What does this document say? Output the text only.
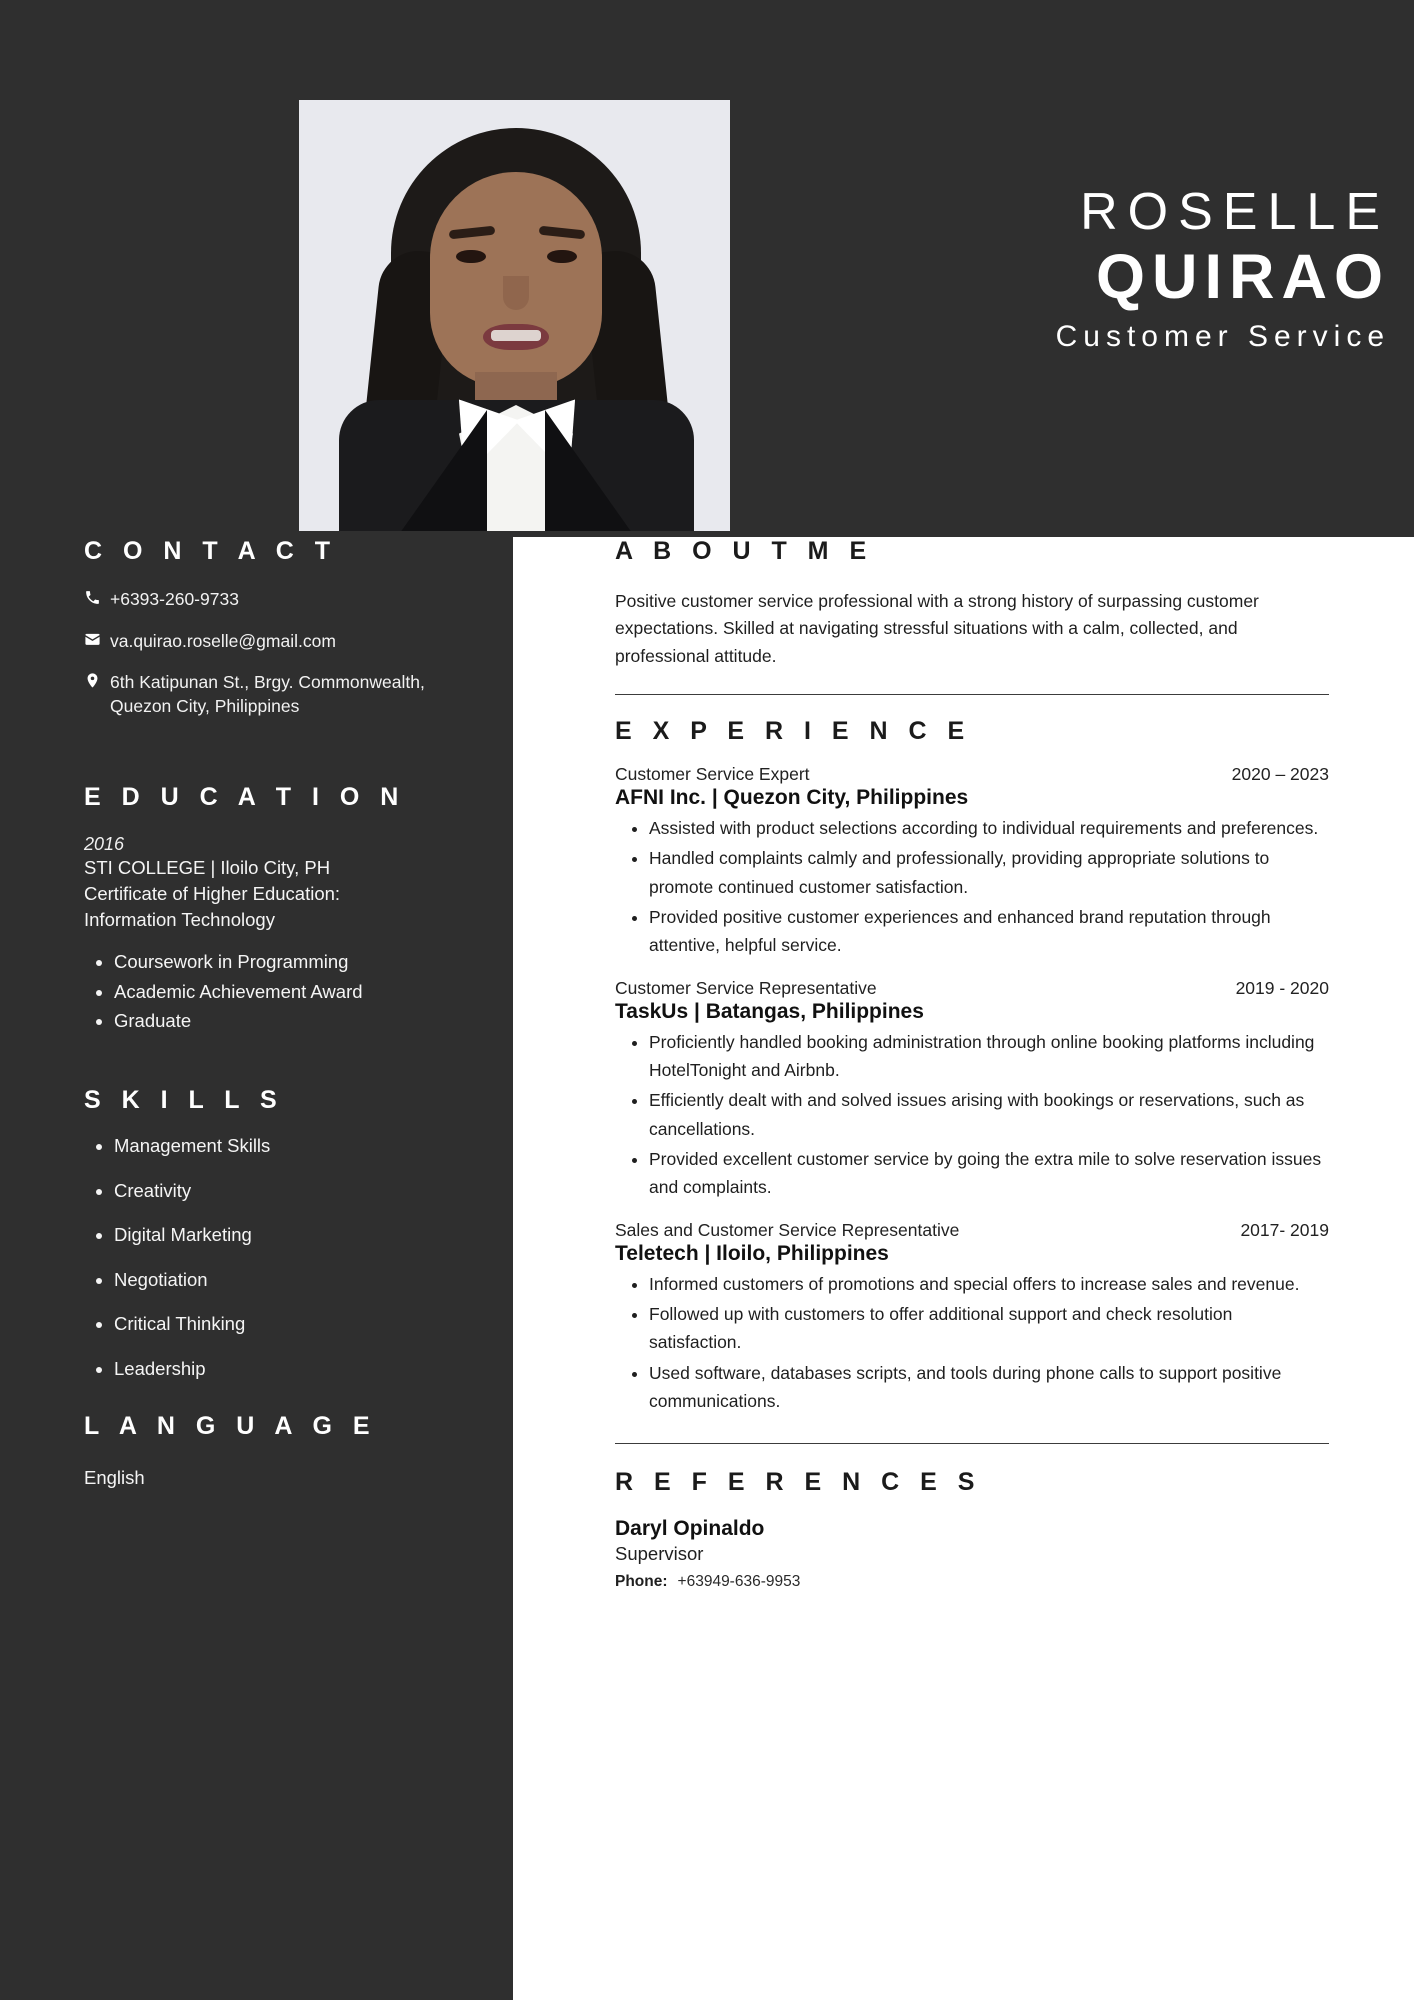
ROSELLE
QUIRAO
Customer Service
C O N T A C T
+6393-260-9733
va.quirao.roselle@gmail.com
6th Katipunan St., Brgy. Commonwealth, Quezon City, Philippines
E D U C A T I O N
2016
STI COLLEGE | Iloilo City, PH
Certificate of Higher Education:
Information Technology
• Coursework in Programming
• Academic Achievement Award
• Graduate
S K I L L S
• Management Skills
• Creativity
• Digital Marketing
• Negotiation
• Critical Thinking
• Leadership
L A N G U A G E
English
A B O U T M E

Positive customer service professional with a strong history of surpassing customer expectations. Skilled at navigating stressful situations with a calm, collected, and professional attitude.

E X P E R I E N C E
Customer Service Expert	2020 – 2023
AFNI Inc. | Quezon City, Philippines
• Assisted with product selections according to individual requirements and preferences.
• Handled complaints calmly and professionally, providing appropriate solutions to promote continued customer satisfaction.
• Provided positive customer experiences and enhanced brand reputation through attentive, helpful service.
Customer Service Representative	2019 - 2020
TaskUs | Batangas, Philippines
• Proficiently handled booking administration through online booking platforms including HotelTonight and Airbnb.
• Efficiently dealt with and solved issues arising with bookings or reservations, such as cancellations.
• Provided excellent customer service by going the extra mile to solve reservation issues and complaints.
Sales and Customer Service Representative	2017- 2019
Teletech | Iloilo, Philippines
• Informed customers of promotions and special offers to increase sales and revenue.
• Followed up with customers to offer additional support and check resolution satisfaction.
• Used software, databases scripts, and tools during phone calls to support positive communications.
R E F E R E N C E S
Daryl Opinaldo
Supervisor
Phone: +63949-636-9953
